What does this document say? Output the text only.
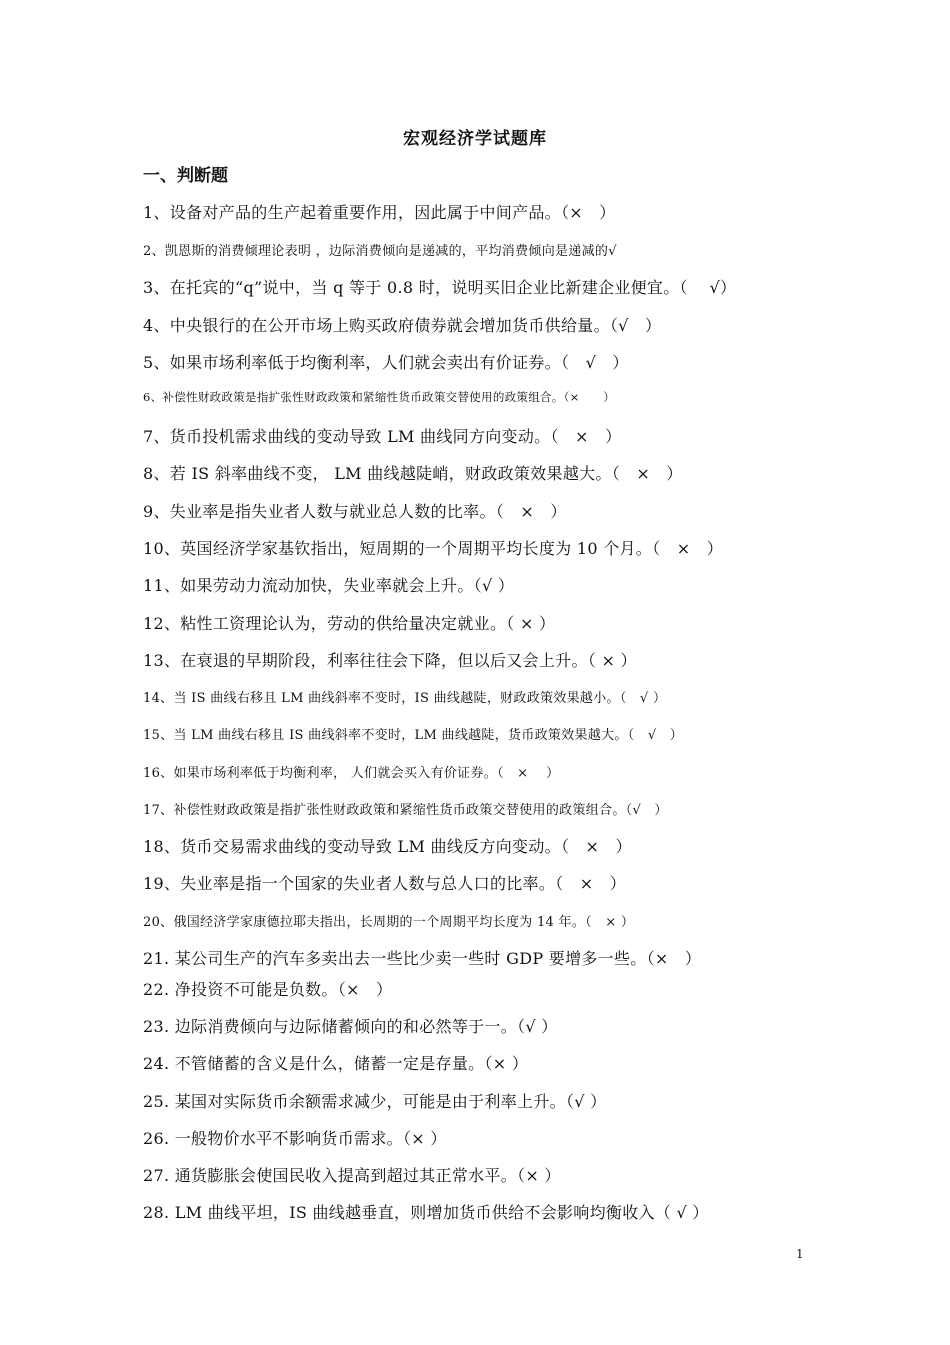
宏观经济学试题库
一、判断题
1、设备对产品的生产起着重要作用，因此属于中间产品。（×　）
2、凯恩斯的消费倾理论表明 ，边际消费倾向是递减的，平均消费倾向是递减的√
3、在托宾的“q”说中，当 q 等于 0.8 时，说明买旧企业比新建企业便宜。（　 √）
4、中央银行的在公开市场上购买政府债券就会增加货币供给量。（√　）
5、如果市场利率低于均衡利率，人们就会卖出有价证券。（　√　）
6、补偿性财政政策是指扩张性财政政策和紧缩性货币政策交替使用的政策组合。（×　　）
7、货币投机需求曲线的变动导致 LM 曲线同方向变动。（　×　）
8、若 IS 斜率曲线不变， LM 曲线越陡峭，财政政策效果越大。（　×　）
9、失业率是指失业者人数与就业总人数的比率。（　×　）
10、英国经济学家基钦指出，短周期的一个周期平均长度为 10 个月。（　×　）
11、如果劳动力流动加快，失业率就会上升。（√ ）
12、粘性工资理论认为，劳动的供给量决定就业。（ × ）
13、在衰退的早期阶段，利率往往会下降，但以后又会上升。（ × ）
14、当 IS 曲线右移且 LM 曲线斜率不变时，IS 曲线越陡，财政政策效果越小。（　√ ）
15、当 LM 曲线右移且 IS 曲线斜率不变时，LM 曲线越陡，货币政策效果越大。（　√　）
16、如果市场利率低于均衡利率， 人们就会买入有价证券。（　×　 ）
17、补偿性财政政策是指扩张性财政政策和紧缩性货币政策交替使用的政策组合。（√　）
18、货币交易需求曲线的变动导致 LM 曲线反方向变动。（　×　）
19、失业率是指一个国家的失业者人数与总人口的比率。（　×　）
20、俄国经济学家康德拉耶夫指出，长周期的一个周期平均长度为 14 年。（　× ）
21. 某公司生产的汽车多卖出去一些比少卖一些时 GDP 要增多一些。（×　）
22. 净投资不可能是负数。（×　）
23. 边际消费倾向与边际储蓄倾向的和必然等于一。（√ ）
24. 不管储蓄的含义是什么，储蓄一定是存量。（× ）
25. 某国对实际货币余额需求减少，可能是由于利率上升。（√ ）
26. 一般物价水平不影响货币需求。（× ）
27. 通货膨胀会使国民收入提高到超过其正常水平。（× ）
28. LM 曲线平坦，IS 曲线越垂直，则增加货币供给不会影响均衡收入（ √ ）
1
